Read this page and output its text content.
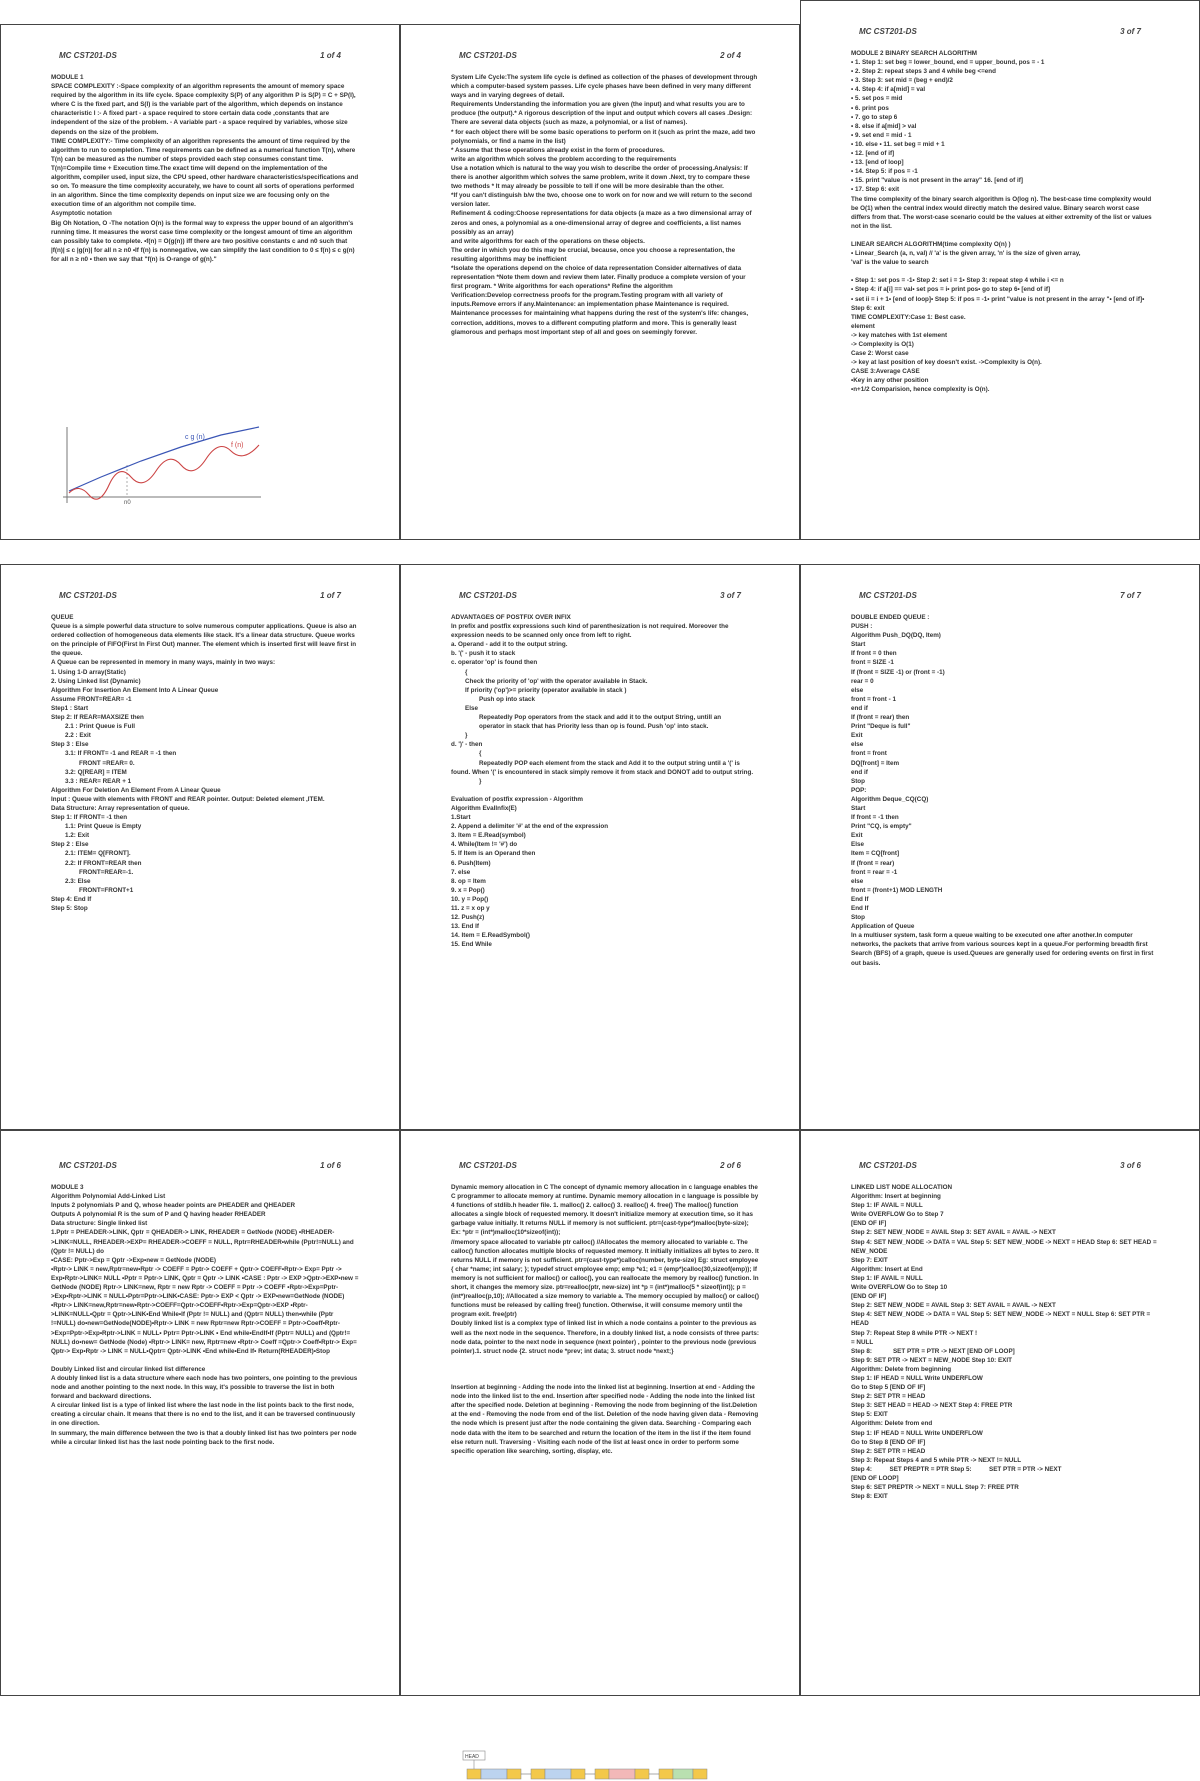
MC CST201-DS	1 of 4
MODULE 1
SPACE COMPLEXITY :-Space complexity of an algorithm represents the amount of memory space required by the algorithm in its life cycle. Space complexity S(P) of any algorithm P is S(P) = C + SP(I), where C is the fixed part, and S(I) is the variable part of the algorithm, which depends on instance characteristic I :- A fixed part - a space required to store certain data code ,constants that are independent of the size of the problem. - A variable part - a space required by variables, whose size depends on the size of the problem.
TIME COMPLEXITY:- Time complexity of an algorithm represents the amount of time required by the algorithm to run to completion. Time requirements can be defined as a numerical function T(n), where T(n) can be measured as the number of steps provided each step consumes constant time. T(n)=Compile time + Execution time.The exact time will depend on the implementation of the algorithm, compiler used, input size, the CPU speed, other hardware characteristics/specifications and so on. To measure the time complexity accurately, we have to count all sorts of operations performed in an algorithm. Since the time complexity depends on input size we are focusing only on the execution time of an algorithm not compile time.
Asymptotic notation
Big Oh Notation, O -The notation O(n) is the formal way to express the upper bound of an algorithm's running time. It measures the worst case time complexity or the longest amount of time an algorithm can possibly take to complete. •f(n) = O(g(n)) iff there are two positive constants c and n0 such that |f(n)| ≤ c |g(n)| for all n ≥ n0 •If f(n) is nonnegative, we can simplify the last condition to 0 ≤ f(n) ≤ c g(n) for all n ≥ n0 • then we say that "f(n) is O-range of g(n)."
c g (n)
f (n)
n0
MC CST201-DS	2 of 4
System Life Cycle:The system life cycle is defined as collection of the phases of development through which a computer-based system passes. Life cycle phases have been defined in very many different ways and in varying degrees of detail.
Requirements Understanding the information you are given (the input) and what results you are to produce (the output).* A rigorous description of the input and output which covers all cases .Design: There are several data objects (such as maze, a polynomial, or a list of names).
* for each object there will be some basic operations to perform on it (such as print the maze, add two polynomials, or find a name in the list)
* Assume that these operations already exist in the form of procedures.
write an algorithm which solves the problem according to the requirements
Use a notation which is natural to the way you wish to describe the order of processing.Analysis: If there is another algorithm which solves the same problem, write it down .Next, try to compare these two methods * It may already be possible to tell if one will be more desirable than the other.
*If you can't distinguish b/w the two, choose one to work on for now and we will return to the second version later.
Refinement & coding:Choose representations for data objects (a maze as a two dimensional array of zeros and ones, a polynomial as a one-dimensional array of degree and coefficients, a list names possibly as an array)
and write algorithms for each of the operations on these objects.
The order in which you do this may be crucial, because, once you choose a representation, the resulting algorithms may be inefficient
*Isolate the operations depend on the choice of data representation Consider alternatives of data representation *Note them down and review them later. Finally produce a complete version of your first program. * Write algorithms for each operations* Refine the algorithm
Verification:Develop correctness proofs for the program.Testing program with all variety of inputs.Remove errors if any.Maintenance: an implementation phase Maintenance is required. Maintenance processes for maintaining what happens during the rest of the system's life: changes, correction, additions, moves to a different computing platform and more. This is generally least glamorous and perhaps most important step of all and goes on seemingly forever.
MC CST201-DS	3 of 7
MODULE 2 BINARY SEARCH ALGORITHM
• 1. Step 1: set beg = lower_bound, end = upper_bound, pos = - 1
• 2. Step 2: repeat steps 3 and 4 while beg <=end
• 3. Step 3: set mid = (beg + end)/2
• 4. Step 4: if a[mid] = val
• 5. set pos = mid
• 6. print pos
• 7. go to step 6
• 8. else if a[mid] > val
• 9. set end = mid - 1
• 10. else • 11. set beg = mid + 1
• 12. [end of if]
• 13. [end of loop]
• 14. Step 5: if pos = -1
• 15. print "value is not present in the array" 16. [end of if]
• 17. Step 6: exit
The time complexity of the binary search algorithm is O(log n). The best-case time complexity would be O(1) when the central index would directly match the desired value. Binary search worst case differs from that. The worst-case scenario could be the values at either extremity of the list or values not in the list.

LINEAR SEARCH ALGORITHM(time complexity O(n) )
• Linear_Search (a, n, val) // 'a' is the given array, 'n' is the size of given array,
'val' is the value to search

• Step 1: set pos = -1• Step 2: set i = 1• Step 3: repeat step 4 while i <= n
• Step 4: if a[i] == val• set pos = i• print pos• go to step 6• [end of if]
• set ii = i + 1• [end of loop]• Step 5: if pos = -1• print "value is not present in the array "• [end of if]• Step 6: exit
TIME COMPLEXITY:Case 1: Best case.
element
-> key matches with 1st element
-> Complexity is O(1)
Case 2: Worst case
-> key at last position of key doesn't exist. ->Complexity is O(n).
CASE 3:Average CASE
•Key in any other position
•n+1/2 Comparision, hence complexity is O(n).
MC CST201-DS	1 of 7
QUEUE
Queue is a simple powerful data structure to solve numerous computer applications. Queue is also an ordered collection of homogeneous data elements like stack. It's a linear data structure. Queue works on the principle of FIFO(First In First Out) manner. The element which is inserted first will leave first in the queue.
A Queue can be represented in memory in many ways, mainly in two ways:
1. Using 1-D array(Static)
2. Using Linked list (Dynamic)
Algorithm For Insertion An Element Into A Linear Queue
Assume FRONT=REAR= -1
Step1 : Start
Step 2: If REAR=MAXSIZE then
2.1 : Print Queue is Full
2.2 : Exit
Step 3 : Else
3.1: If FRONT= -1 and REAR = -1 then
FRONT =REAR= 0.
3.2: Q[REAR] = ITEM
3.3 : REAR= REAR + 1
Algorithm For Deletion An Element From A Linear Queue
Input : Queue with elements with FRONT and REAR pointer. Output: Deleted element ,ITEM.
Data Structure: Array representation of queue.
Step 1: If FRONT= -1 then
1.1: Print Queue is Empty
1.2: Exit
Step 2 : Else
2.1: ITEM= Q[FRONT].
2.2: If FRONT=REAR then
FRONT=REAR=-1.
2.3: Else
FRONT=FRONT+1
Step 4: End If
Step 5: Stop
MC CST201-DS	3 of 7
ADVANTAGES OF POSTFIX OVER INFIX
In prefix and postfix expressions such kind of parenthesization is not required. Moreover the expression needs to be scanned only once from left to right.
a. Operand - add it to the output string.
b. '(' - push it to stack
c. operator 'op' is found then
{
Check the priority of 'op' with the operator available in Stack.
If priority ('op')>= priority (operator available in stack )
Push op into stack
Else
Repeatedly Pop operators from the stack and add it to the output String, untill an
operator in stack that has Priority less than op is found. Push 'op' into stack.
}
d. ')' - then
{
Repeatedly POP each element from the stack and Add it to the output string until a '(' is found. When '(' is encountered in stack simply remove it from stack and DONOT add to output string.
}

Evaluation of postfix expression - Algorithm
Algorithm EvalInfix(E)
1.Start
2. Append a delimiter '#' at the end of the expression
3. Item = E.Read(symbol)
4. While(Item != '#') do
5. If Item is an Operand then
6. Push(Item)
7. else
8. op = Item
9. x = Pop()
10. y = Pop()
11. z = x op y
12. Push(z)
13. End If
14. Item = E.ReadSymbol()
15. End While
MC CST201-DS	7 of 7
DOUBLE ENDED QUEUE :
PUSH :
Algorithm Push_DQ(DQ, Item)
Start
If front = 0 then
front = SIZE -1
If (front = SIZE -1) or (front = -1)
rear = 0
else
front = front - 1
end if
If (front = rear) then
Print "Deque is full"
Exit
else
front = front
DQ[front] = Item
end if
Stop
POP:
Algorithm Deque_CQ(CQ)
Start
If front = -1 then
Print "CQ, is empty"
Exit
Else
Item = CQ[front]
If (front = rear)
front = rear = -1
else
front = (front+1) MOD LENGTH
End If
End If
Stop
Application of Queue
In a multiuser system, task form a queue waiting to be executed one after another.In computer networks, the packets that arrive from various sources kept in a queue.For performing breadth first Search (BFS) of a graph, queue is used.Queues are generally used for ordering events on first in first out basis.
MC CST201-DS	1 of 6
MODULE 3
Algorithm Polynomial Add-Linked List
Inputs 2 polynomials P and Q, whose header points are PHEADER and QHEADER
Outputs A polynomial R is the sum of P and Q having header RHEADER
Data structure: Single linked list
1.Pptr = PHEADER->LINK, Qptr = QHEADER-> LINK, RHEADER = GetNode (NODE) •RHEADER->LINK=NULL, RHEADER->EXP= RHEADER->COEFF = NULL, Rptr=RHEADER•while (Pptr!=NULL) and (Qptr != NULL) do
•CASE: Pptr->Exp = Qptr ->Exp•new = GetNode (NODE)
•Rptr-> LINK = new,Rptr=new•Rptr -> COEFF = Pptr-> COEFF + Qptr-> COEFF•Rptr-> Exp= Pptr -> Exp•Rptr->LINK= NULL •Pptr = Pptr-> LINK, Qptr = Qptr -> LINK •CASE : Pptr -> EXP >Qptr->EXP•new = GetNode (NODE) Rptr-> LINK=new, Rptr = new Rptr -> COEFF = Pptr -> COEFF •Rptr->Exp=Pptr->Exp•Rptr->LINK = NULL•Pptr=Pptr->LINK•CASE: Pptr-> EXP < Qptr -> EXP•new=GetNode (NODE) •Rptr-> LINK=new,Rptr=new•Rptr->COEFF=Qptr->COEFF•Rptr->Exp=Qptr->EXP •Rptr->LINK=NULL•Qptr = Qptr->LINK•End While•If (Pptr != NULL) and (Qptr= NULL) then•while (Pptr !=NULL) do•new=GetNode(NODE)•Rptr-> LINK = new Rptr=new Rptr->COEFF = Pptr->Coeff•Rptr->Exp=Pptr->Exp•Rptr->LINK = NULL• Pptr= Pptr->LINK • End while•EndIf•If (Pptr= NULL) and (Qptr!= NULL) do•new= GetNode (Node) •Rptr-> LINK= new, Rptr=new •Rptr-> Coeff =Qptr-> Coeff•Rptr-> Exp= Qptr-> Exp•Rptr -> LINK = NULL•Qptr= Qptr->LINK •End while•End If• Return(RHEADER)•Stop

Doubly Linked list and circular linked list difference
A doubly linked list is a data structure where each node has two pointers, one pointing to the previous node and another pointing to the next node. In this way, it's possible to traverse the list in both forward and backward directions.
A circular linked list is a type of linked list where the last node in the list points back to the first node, creating a circular chain. It means that there is no end to the list, and it can be traversed continuously in one direction.
In summary, the main difference between the two is that a doubly linked list has two pointers per node while a circular linked list has the last node pointing back to the first node.
MC CST201-DS	2 of 6
Dynamic memory allocation in C The concept of dynamic memory allocation in c language enables the C programmer to allocate memory at runtime. Dynamic memory allocation in c language is possible by 4 functions of stdlib.h header file. 1. malloc() 2. calloc() 3. realloc() 4. free() The malloc() function allocates a single block of requested memory. It doesn't initialize memory at execution time, so it has garbage value initially. It returns NULL if memory is not sufficient. ptr=(cast-type*)malloc(byte-size); Ex: *ptr = (int*)malloc(10*sizeof(int));
//memory space allocated to variable ptr calloc() //Allocates the memory allocated to variable c. The calloc() function allocates multiple blocks of requested memory. It initially initializes all bytes to zero. It returns NULL if memory is not sufficient. ptr=(cast-type*)calloc(number, byte-size) Eg: struct employee { char *name; int salary; }; typedef struct employee emp; emp *e1; e1 = (emp*)calloc(30,sizeof(emp)); If memory is not sufficient for malloc() or calloc(), you can reallocate the memory by realloc() function. In short, it changes the memory size. ptr=realloc(ptr, new-size) int *p = (int*)malloc(5 * sizeof(int)); p = (int*)realloc(p,10); //Allocated a size memory to variable a. The memory occupied by malloc() or calloc() functions must be released by calling free() function. Otherwise, it will consume memory until the program exit. free(ptr)
Doubly linked list is a complex type of linked list in which a node contains a pointer to the previous as well as the next node in the sequence. Therefore, in a doubly linked list, a node consists of three parts: node data, pointer to the next node in sequence (next pointer) , pointer to the previous node (previous pointer).1. struct node {2. struct node *prev; int data; 3. struct node *next;}

Insertion at beginning - Adding the node into the linked list at beginning. Insertion at end - Adding the node into the linked list to the end. Insertion after specified node - Adding the node into the linked list after the specified node. Deletion at beginning - Removing the node from beginning of the list.Deletion at the end - Removing the node from end of the list. Deletion of the node having given data - Removing the node which is present just after the node containing the given data. Searching - Comparing each node data with the item to be searched and return the location of the item in the list if the item found else return null. Traversing - Visiting each node of the list at least once in order to perform some specific operation like searching, sorting, display, etc.
HEAD
MC CST201-DS	3 of 6
LINKED LIST NODE ALLOCATION
Algorithm: Insert at beginning
Step 1: IF AVAIL = NULL
Write OVERFLOW Go to Step 7
[END OF IF]
Step 2: SET NEW_NODE = AVAIL Step 3: SET AVAIL = AVAIL -> NEXT
Step 4: SET NEW_NODE -> DATA = VAL Step 5: SET NEW_NODE -> NEXT = HEAD Step 6: SET HEAD = NEW_NODE
Step 7: EXIT
Algorithm: Insert at End
Step 1: IF AVAIL = NULL
Write OVERFLOW Go to Step 10
[END OF IF]
Step 2: SET NEW_NODE = AVAIL Step 3: SET AVAIL = AVAIL -> NEXT
Step 4: SET NEW_NODE -> DATA = VAL Step 5: SET NEW_NODE -> NEXT = NULL Step 6: SET PTR = HEAD
Step 7: Repeat Step 8 while PTR -> NEXT !
= NULL
Step 8:            SET PTR = PTR -> NEXT [END OF LOOP]
Step 9: SET PTR -> NEXT = NEW_NODE Step 10: EXIT
Algorithm: Delete from beginning
Step 1: IF HEAD = NULL Write UNDERFLOW
Go to Step 5 [END OF IF]
Step 2: SET PTR = HEAD
Step 3: SET HEAD = HEAD -> NEXT Step 4: FREE PTR
Step 5: EXIT
Algorithm: Delete from end
Step 1: IF HEAD = NULL Write UNDERFLOW
Go to Step 8 [END OF IF]
Step 2: SET PTR = HEAD
Step 3: Repeat Steps 4 and 5 while PTR -> NEXT != NULL
Step 4:          SET PREPTR = PTR Step 5:          SET PTR = PTR -> NEXT
[END OF LOOP]
Step 6: SET PREPTR -> NEXT = NULL Step 7: FREE PTR
Step 8: EXIT
